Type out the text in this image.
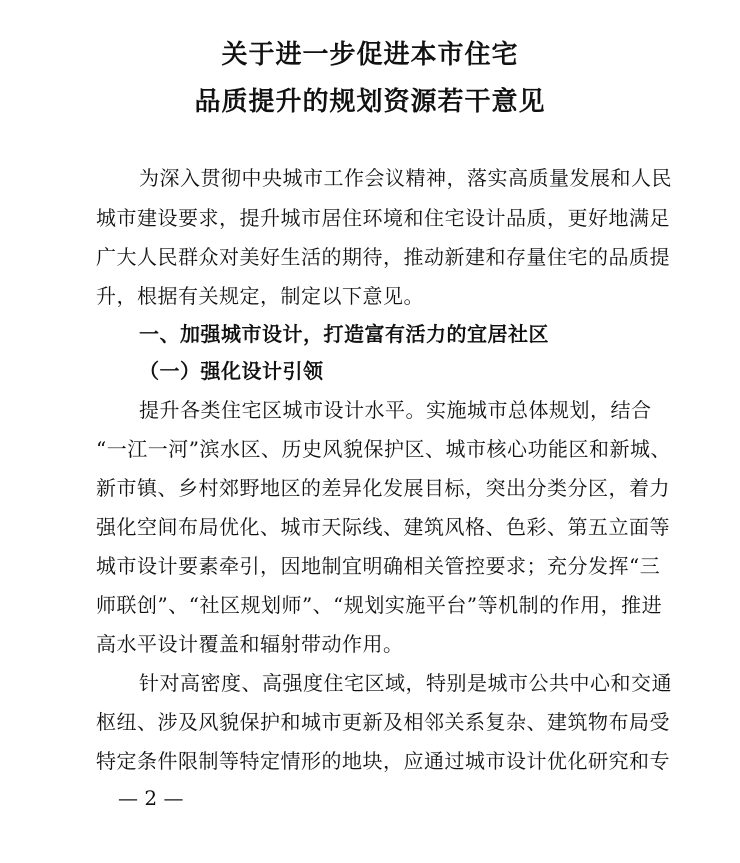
关于进一步促进本市住宅
品质提升的规划资源若干意见
为深入贯彻中央城市工作会议精神，落实高质量发展和人民
城市建设要求，提升城市居住环境和住宅设计品质，更好地满足
广大人民群众对美好生活的期待，推动新建和存量住宅的品质提
升，根据有关规定，制定以下意见。
一、加强城市设计，打造富有活力的宜居社区
（一）强化设计引领
提升各类住宅区城市设计水平。实施城市总体规划，结合
“一江一河”滨水区、历史风貌保护区、城市核心功能区和新城、
新市镇、乡村郊野地区的差异化发展目标，突出分类分区，着力
强化空间布局优化、城市天际线、建筑风格、色彩、第五立面等
城市设计要素牵引，因地制宜明确相关管控要求；充分发挥“三
师联创”、“社区规划师”、“规划实施平台”等机制的作用，推进
高水平设计覆盖和辐射带动作用。
针对高密度、高强度住宅区域，特别是城市公共中心和交通
枢纽、涉及风貌保护和城市更新及相邻关系复杂、建筑物布局受
特定条件限制等特定情形的地块，应通过城市设计优化研究和专
— 2 —
